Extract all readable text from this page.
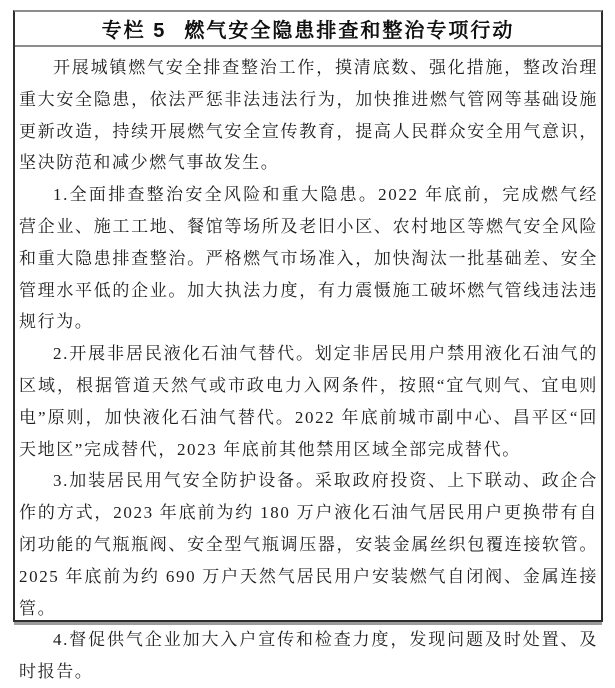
专栏 5 燃气安全隐患排查和整治专项行动

开展城镇燃气安全排查整治工作，摸清底数、强化措施，整改治理重大安全隐患，依法严惩非法违法行为，加快推进燃气管网等基础设施更新改造，持续开展燃气安全宣传教育，提高人民群众安全用气意识，坚决防范和减少燃气事故发生。

1.全面排查整治安全风险和重大隐患。2022 年底前，完成燃气经营企业、施工工地、餐馆等场所及老旧小区、农村地区等燃气安全风险和重大隐患排查整治。严格燃气市场准入，加快淘汰一批基础差、安全管理水平低的企业。加大执法力度，有力震慑施工破坏燃气管线违法违规行为。

2.开展非居民液化石油气替代。划定非居民用户禁用液化石油气的区域，根据管道天然气或市政电力入网条件，按照“宜气则气、宜电则电”原则，加快液化石油气替代。2022 年底前城市副中心、昌平区“回天地区”完成替代，2023 年底前其他禁用区域全部完成替代。

3.加装居民用气安全防护设备。采取政府投资、上下联动、政企合作的方式，2023 年底前为约 180 万户液化石油气居民用户更换带有自闭功能的气瓶瓶阀、安全型气瓶调压器，安装金属丝织包覆连接软管。2025 年底前为约 690 万户天然气居民用户安装燃气自闭阀、金属连接管。

4.督促供气企业加大入户宣传和检查力度，发现问题及时处置、及时报告。
